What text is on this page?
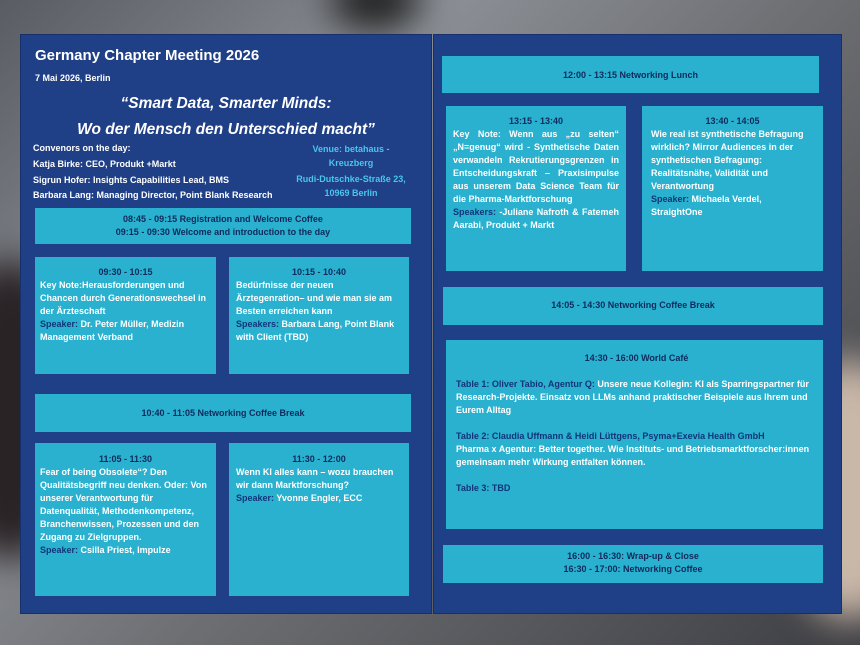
Germany Chapter Meeting 2026
7 Mai 2026, Berlin
“Smart Data, Smarter Minds:
Wo der Mensch den Unterschied macht”
Convenors on the day:
Katja Birke: CEO, Produkt +Markt
Sigrun Hofer: Insights Capabilities Lead, BMS
Barbara Lang: Managing Director, Point Blank Research
Venue: betahaus -
Kreuzberg
Rudi-Dutschke-Straße 23,
10969 Berlin
08:45 - 09:15 Registration and Welcome Coffee
09:15 - 09:30 Welcome and introduction to the day
09:30 - 10:15

Key Note:Herausforderungen und Chancen durch Generationswechsel in der Ärzteschaft

Speaker: Dr. Peter Müller, Medizin Management Verband

10:15 - 10:40

Bedürfnisse der neuen Ärztegenration– und wie man sie am Besten erreichen kann

Speakers: Barbara Lang, Point Blank with Client (TBD)

10:40 - 11:05 Networking Coffee Break
11:05 - 11:30

Fear of being Obsolete“? Den Qualitätsbegriff neu denken. Oder: Von unserer Verantwortung für Datenqualität, Methodenkompetenz, Branchenwissen, Prozessen und den Zugang zu Zielgruppen.

Speaker: Csilla Priest, Impulze

11:30 - 12:00

Wenn KI alles kann – wozu brauchen wir dann Marktforschung?

Speaker: Yvonne Engler, ECC

12:00 - 13:15 Networking Lunch
13:15 - 13:40

Key Note: Wenn aus „zu selten“ „N=genug“ wird - Synthetische Daten verwandeln Rekrutierungsgrenzen in Entscheidungskraft – Praxisimpulse aus unserem Data Science Team für die Pharma-Marktforschung

Speakers: -Juliane Nafroth & Fatemeh Aarabi, Produkt + Markt

13:40 - 14:05

Wie real ist synthetische Befragung wirklich? Mirror Audiences in der synthetischen Befragung: Realitätsnähe, Validität und Verantwortung

Speaker: Michaela Verdel, StraightOne

14:05 - 14:30 Networking Coffee Break
14:30 - 16:00 World Café

Table 1: Oliver Tabio, Agentur Q: Unsere neue Kollegin: KI als Sparringspartner für Research-Projekte. Einsatz von LLMs anhand praktischer Beispiele aus Ihrem und Eurem Alltag

Table 2: Claudia Uffmann & Heidi Lüttgens, Psyma+Exevia Health GmbH

Pharma x Agentur: Better together. Wie Instituts- und Betriebsmarktforscher:innen gemeinsam mehr Wirkung entfalten können.

Table 3: TBD

16:00 - 16:30: Wrap-up & Close
16:30 - 17:00: Networking Coffee
